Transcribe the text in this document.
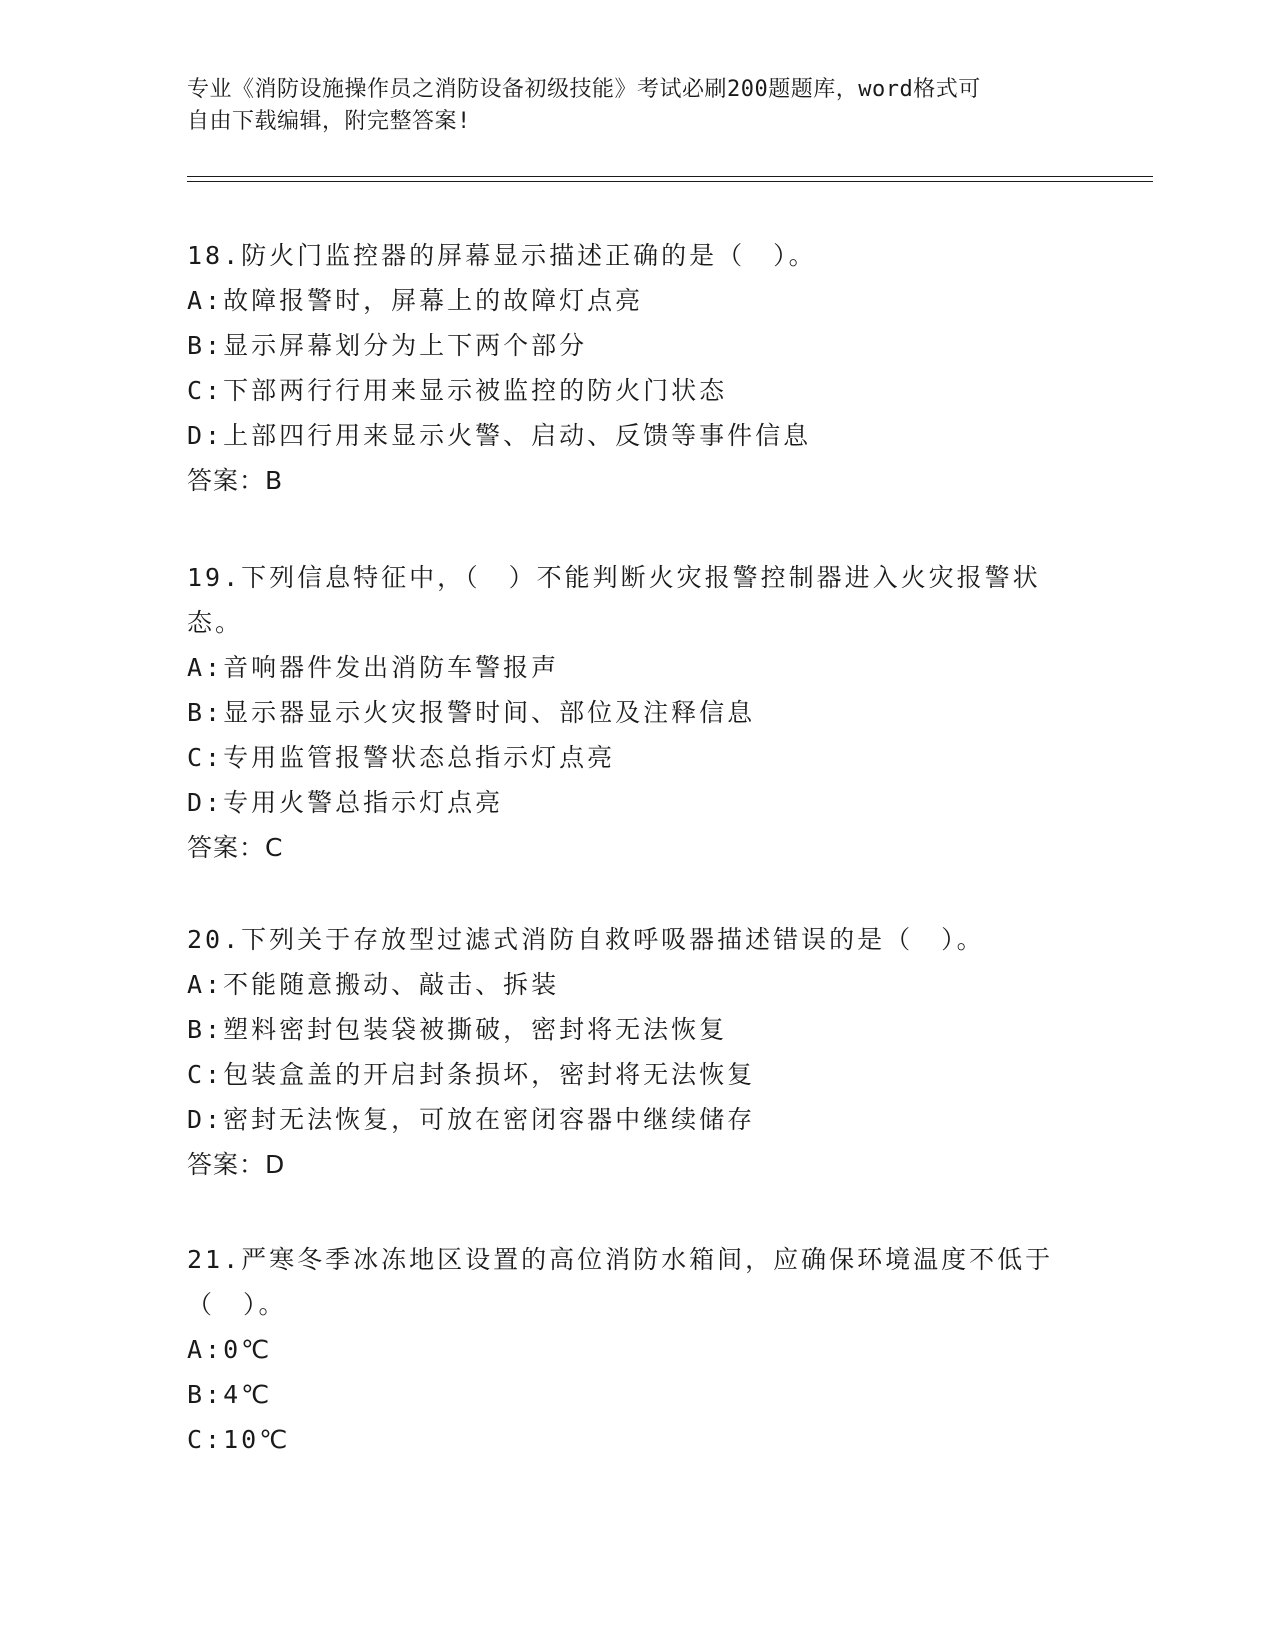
专业《消防设施操作员之消防设备初级技能》考试必刷200题题库，word格式可
自由下载编辑，附完整答案!

18.防火门监控器的屏幕显示描述正确的是（　）。

A:故障报警时，屏幕上的故障灯点亮

B:显示屏幕划分为上下两个部分

C:下部两行行用来显示被监控的防火门状态

D:上部四行用来显示火警、启动、反馈等事件信息

答案：B

19.下列信息特征中，（　）不能判断火灾报警控制器进入火灾报警状态。

A:音响器件发出消防车警报声

B:显示器显示火灾报警时间、部位及注释信息

C:专用监管报警状态总指示灯点亮

D:专用火警总指示灯点亮

答案：C

20.下列关于存放型过滤式消防自救呼吸器描述错误的是（　）。

A:不能随意搬动、敲击、拆装

B:塑料密封包装袋被撕破，密封将无法恢复

C:包装盒盖的开启封条损坏，密封将无法恢复

D:密封无法恢复，可放在密闭容器中继续储存

答案：D

21.严寒冬季冰冻地区设置的高位消防水箱间，应确保环境温度不低于（　）。

A:0℃

B:4℃

C:10℃
